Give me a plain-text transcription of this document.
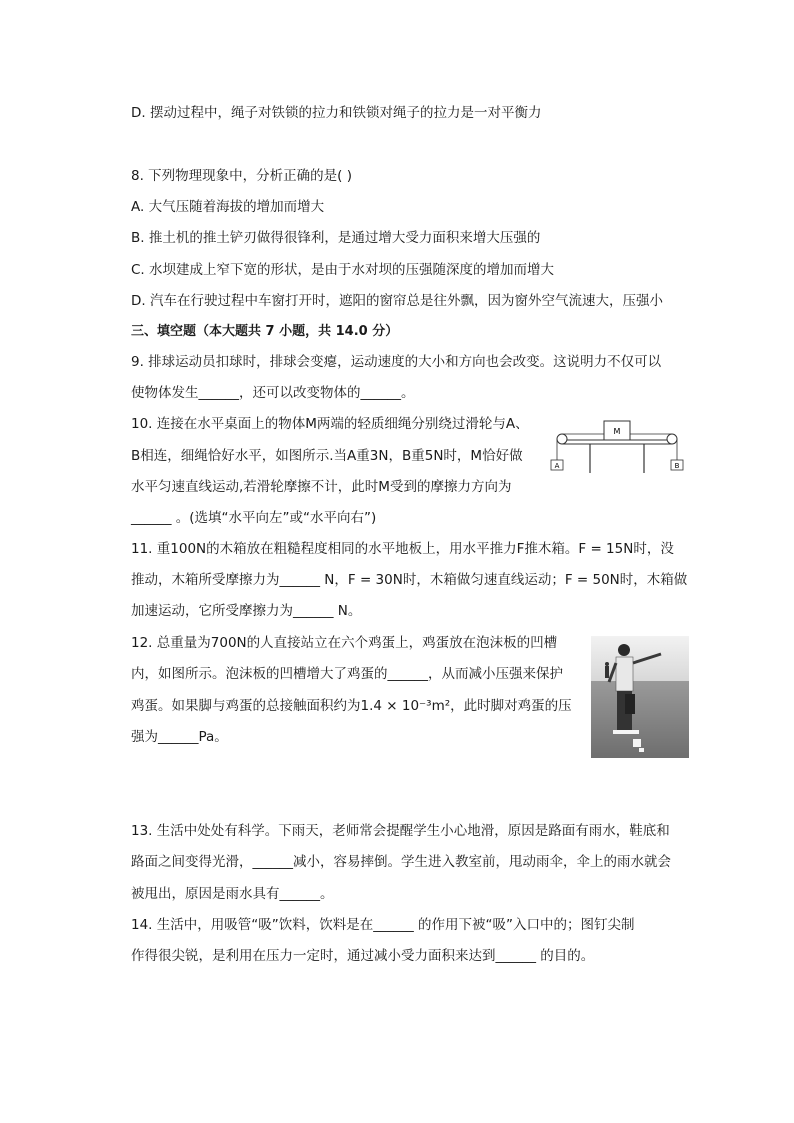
D. 摆动过程中，绳子对铁锁的拉力和铁锁对绳子的拉力是一对平衡力
8. 下列物理现象中，分析正确的是( )
A. 大气压随着海拔的增加而增大
B. 推土机的推土铲刃做得很锋利，是通过增大受力面积来增大压强的
C. 水坝建成上窄下宽的形状，是由于水对坝的压强随深度的增加而增大
D. 汽车在行驶过程中车窗打开时，遮阳的窗帘总是往外飘，因为窗外空气流速大，压强小
三、填空题（本大题共 7 小题，共 14.0 分）
9. 排球运动员扣球时，排球会变瘪，运动速度的大小和方向也会改变。这说明力不仅可以
使物体发生______，还可以改变物体的______。
10. 连接在水平桌面上的物体M两端的轻质细绳分别绕过滑轮与A、
B相连，细绳恰好水平，如图所示.当A重3N，B重5N时，M恰好做
水平匀速直线运动,若滑轮摩擦不计，此时M受到的摩擦力方向为
______ 。(选填“水平向左”或“水平向右”)
M
A	B
11. 重100N的木箱放在粗糙程度相同的水平地板上，用水平推力F推木箱。F = 15N时，没
推动，木箱所受摩擦力为______ N，F = 30N时，木箱做匀速直线运动；F = 50N时，木箱做
加速运动，它所受摩擦力为______ N。
12. 总重量为700N的人直接站立在六个鸡蛋上，鸡蛋放在泡沫板的凹槽
内，如图所示。泡沫板的凹槽增大了鸡蛋的______，从而减小压强来保护
鸡蛋。如果脚与鸡蛋的总接触面积约为1.4 × 10⁻³m²，此时脚对鸡蛋的压
强为______Pa。
13. 生活中处处有科学。下雨天，老师常会提醒学生小心地滑，原因是路面有雨水，鞋底和
路面之间变得光滑，______减小，容易摔倒。学生进入教室前，甩动雨伞，伞上的雨水就会
被甩出，原因是雨水具有______。
14. 生活中，用吸管“吸”饮料，饮料是在______ 的作用下被“吸”入口中的；图钉尖制
作得很尖锐，是利用在压力一定时，通过减小受力面积来达到______ 的目的。
